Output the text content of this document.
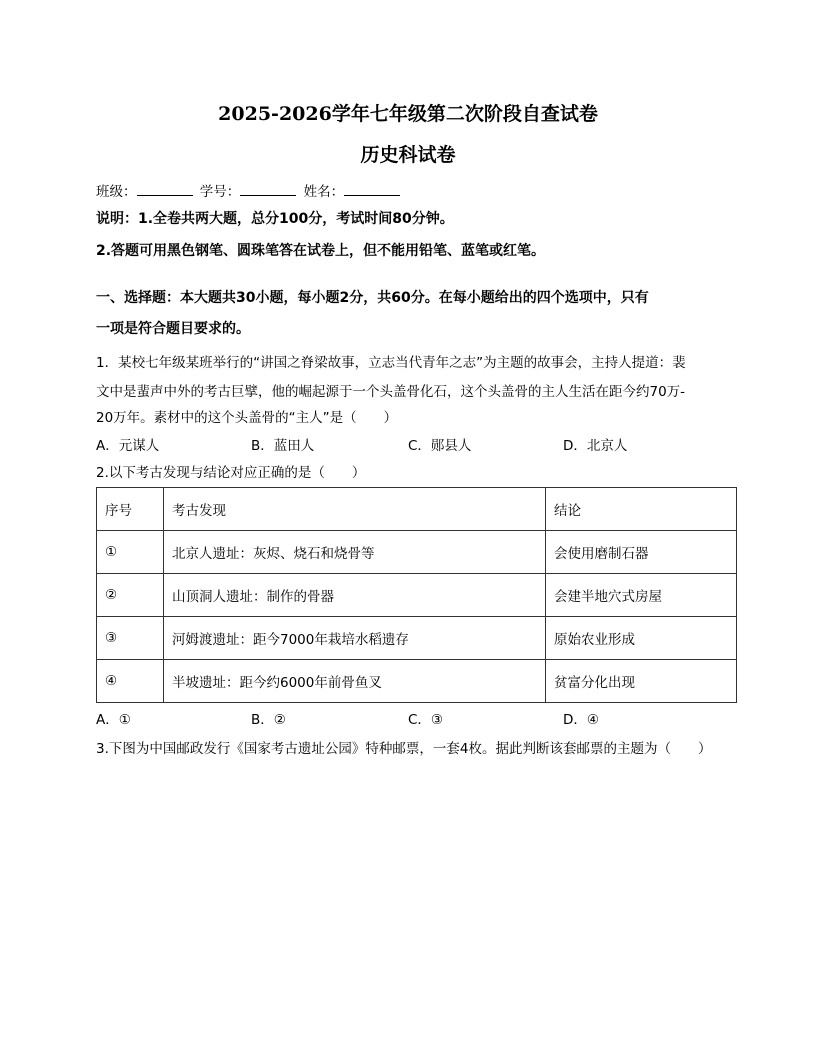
2025-2026学年七年级第二次阶段自查试卷
历史科试卷
班级：	学号：	姓名：
说明：1.全卷共两大题，总分100分，考试时间80分钟。
2.答题可用黑色钢笔、圆珠笔答在试卷上，但不能用铅笔、蓝笔或红笔。
一、选择题：本大题共30小题，每小题2分，共60分。在每小题给出的四个选项中，只有
一项是符合题目要求的。
1．某校七年级某班举行的“讲国之脊梁故事，立志当代青年之志”为主题的故事会，主持人提道：裴
文中是蜚声中外的考古巨擘，他的崛起源于一个头盖骨化石，这个头盖骨的主人生活在距今约70万-
20万年。素材中的这个头盖骨的“主人”是（　　）
A．元谋人	B．蓝田人	C．郧县人	D．北京人
2.以下考古发现与结论对应正确的是（　　）
序号	考古发现	结论
①	北京人遗址：灰烬、烧石和烧骨等	会使用磨制石器
②	山顶洞人遗址：制作的骨器	会建半地穴式房屋
③	河姆渡遗址：距今7000年栽培水稻遗存	原始农业形成
④	半坡遗址：距今约6000年前骨鱼叉	贫富分化出现
A．①	B．②	C．③	D．④
3.下图为中国邮政发行《国家考古遗址公园》特种邮票，一套4枚。据此判断该套邮票的主题为（　　）
